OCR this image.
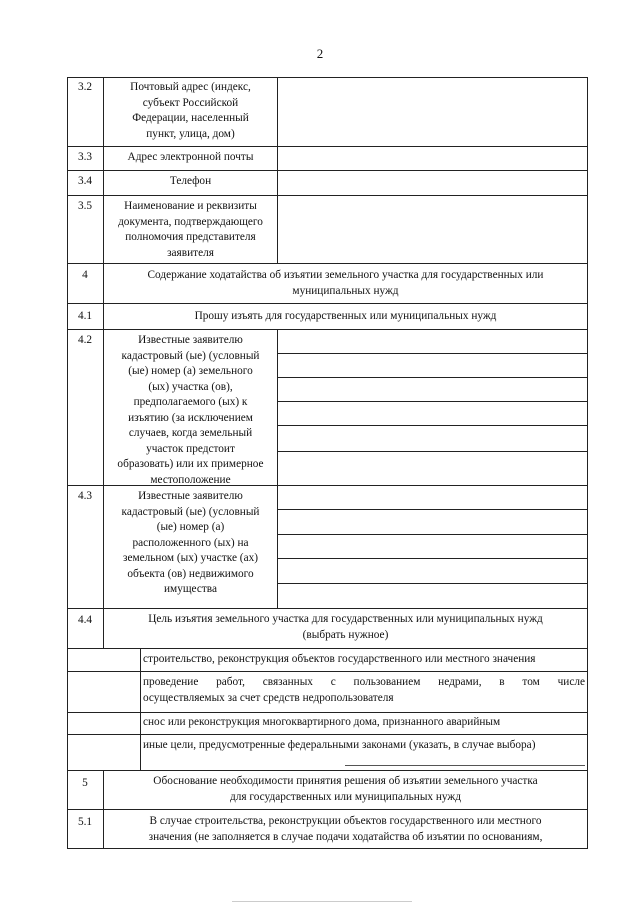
2
3.2	Почтовый адрес (индекс,
субъект Российской
Федерации, населенный
пункт, улица, дом)
3.3	Адрес электронной почты
3.4	Телефон
3.5	Наименование и реквизиты
документа, подтверждающего
полномочия представителя
заявителя
4	Содержание ходатайства об изъятии земельного участка для государственных или
муниципальных нужд
4.1	Прошу изъять для государственных или муниципальных нужд
4.2	Известные заявителю
кадастровый (ые) (условный
(ые) номер (а) земельного
(ых) участка (ов),
предполагаемого (ых) к
изъятию (за исключением
случаев, когда земельный
участок предстоит
образовать) или их примерное
местоположение
4.3	Известные заявителю
кадастровый (ые) (условный
(ые) номер (а)
расположенного (ых) на
земельном (ых) участке (ах)
объекта (ов) недвижимого
имущества
4.4	Цель изъятия земельного участка для государственных или муниципальных нужд
(выбрать нужное)
строительство, реконструкция объектов государственного или местного значения
проведение работ, связанных с пользованием недрами, в том числе
осуществляемых за счет средств недропользователя
снос или реконструкция многоквартирного дома, признанного аварийным
иные цели, предусмотренные федеральными законами (указать, в случае выбора)
5	Обоснование необходимости принятия решения об изъятии земельного участка
для государственных или муниципальных нужд
5.1	В случае строительства, реконструкции объектов государственного или местного
значения (не заполняется в случае подачи ходатайства об изъятии по основаниям,
